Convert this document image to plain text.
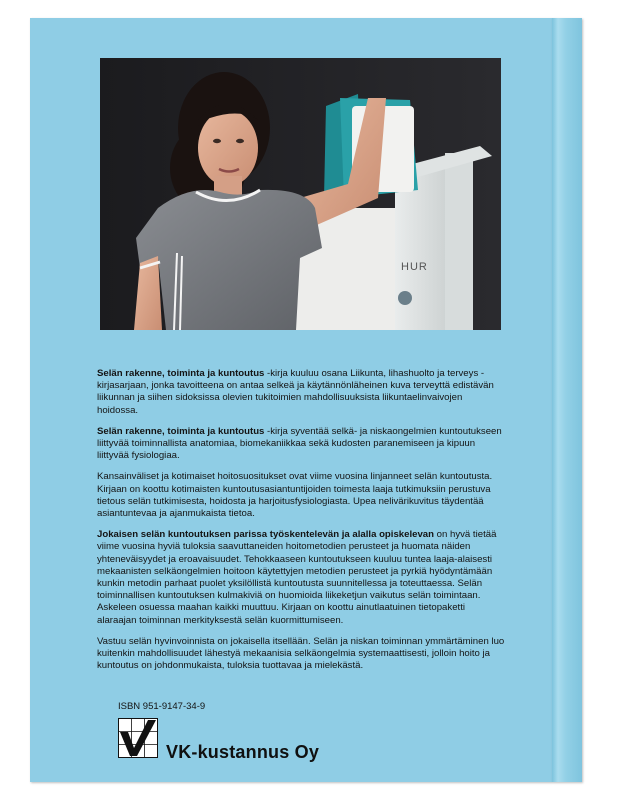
HUR

Selän rakenne, toiminta ja kuntoutus -kirja kuuluu osana Liikunta, lihashuolto ja terveys -kirjasarjaan, jonka tavoitteena on antaa selkeä ja käytännönläheinen kuva terveyttä edistävän liikunnan ja siihen sidoksissa olevien tukitoimien mahdollisuuksista liikuntaelinvaivojen hoidossa.

Selän rakenne, toiminta ja kuntoutus -kirja syventää selkä- ja niskaongelmien kuntoutukseen liittyvää toiminnallista anatomiaa, biomekaniikkaa sekä kudosten paranemiseen ja kipuun liittyvää fysiologiaa.

Kansainväliset ja kotimaiset hoitosuositukset ovat viime vuosina linjanneet selän kuntoutusta. Kirjaan on koottu kotimaisten kuntoutusasiantuntijoiden toimesta laaja tutkimuksiin perustuva tietous selän tutkimisesta, hoidosta ja harjoitusfysiologiasta. Upea nelivärikuvitus täydentää asiantuntevaa ja ajanmukaista tietoa.

Jokaisen selän kuntoutuksen parissa työskentelevän ja alalla opiskelevan on hyvä tietää viime vuosina hyviä tuloksia saavuttaneiden hoitometodien perusteet ja huomata näiden yhteneväisyydet ja eroavaisuudet. Tehokkaaseen kuntoutukseen kuuluu tuntea laaja-alaisesti mekaanisten selkäongelmien hoitoon käytettyjen metodien perusteet ja pyrkiä hyödyntämään kunkin metodin parhaat puolet yksilöllistä kuntoutusta suunnitellessa ja toteuttaessa. Selän toiminnallisen kuntoutuksen kulmakiviä on huomioida liikeketjun vaikutus selän toimintaan. Askeleen osuessa maahan kaikki muuttuu. Kirjaan on koottu ainutlaatuinen tietopaketti alaraajan toiminnan merkityksestä selän kuormittumiseen.

Vastuu selän hyvinvoinnista on jokaisella itsellään. Selän ja niskan toiminnan ymmärtäminen luo kuitenkin mahdollisuudet lähestyä mekaanisia selkäongelmia systemaattisesti, jolloin hoito ja kuntoutus on johdonmukaista, tuloksia tuottavaa ja mielekästä.

ISBN 951-9147-34-9
VK-kustannus Oy
